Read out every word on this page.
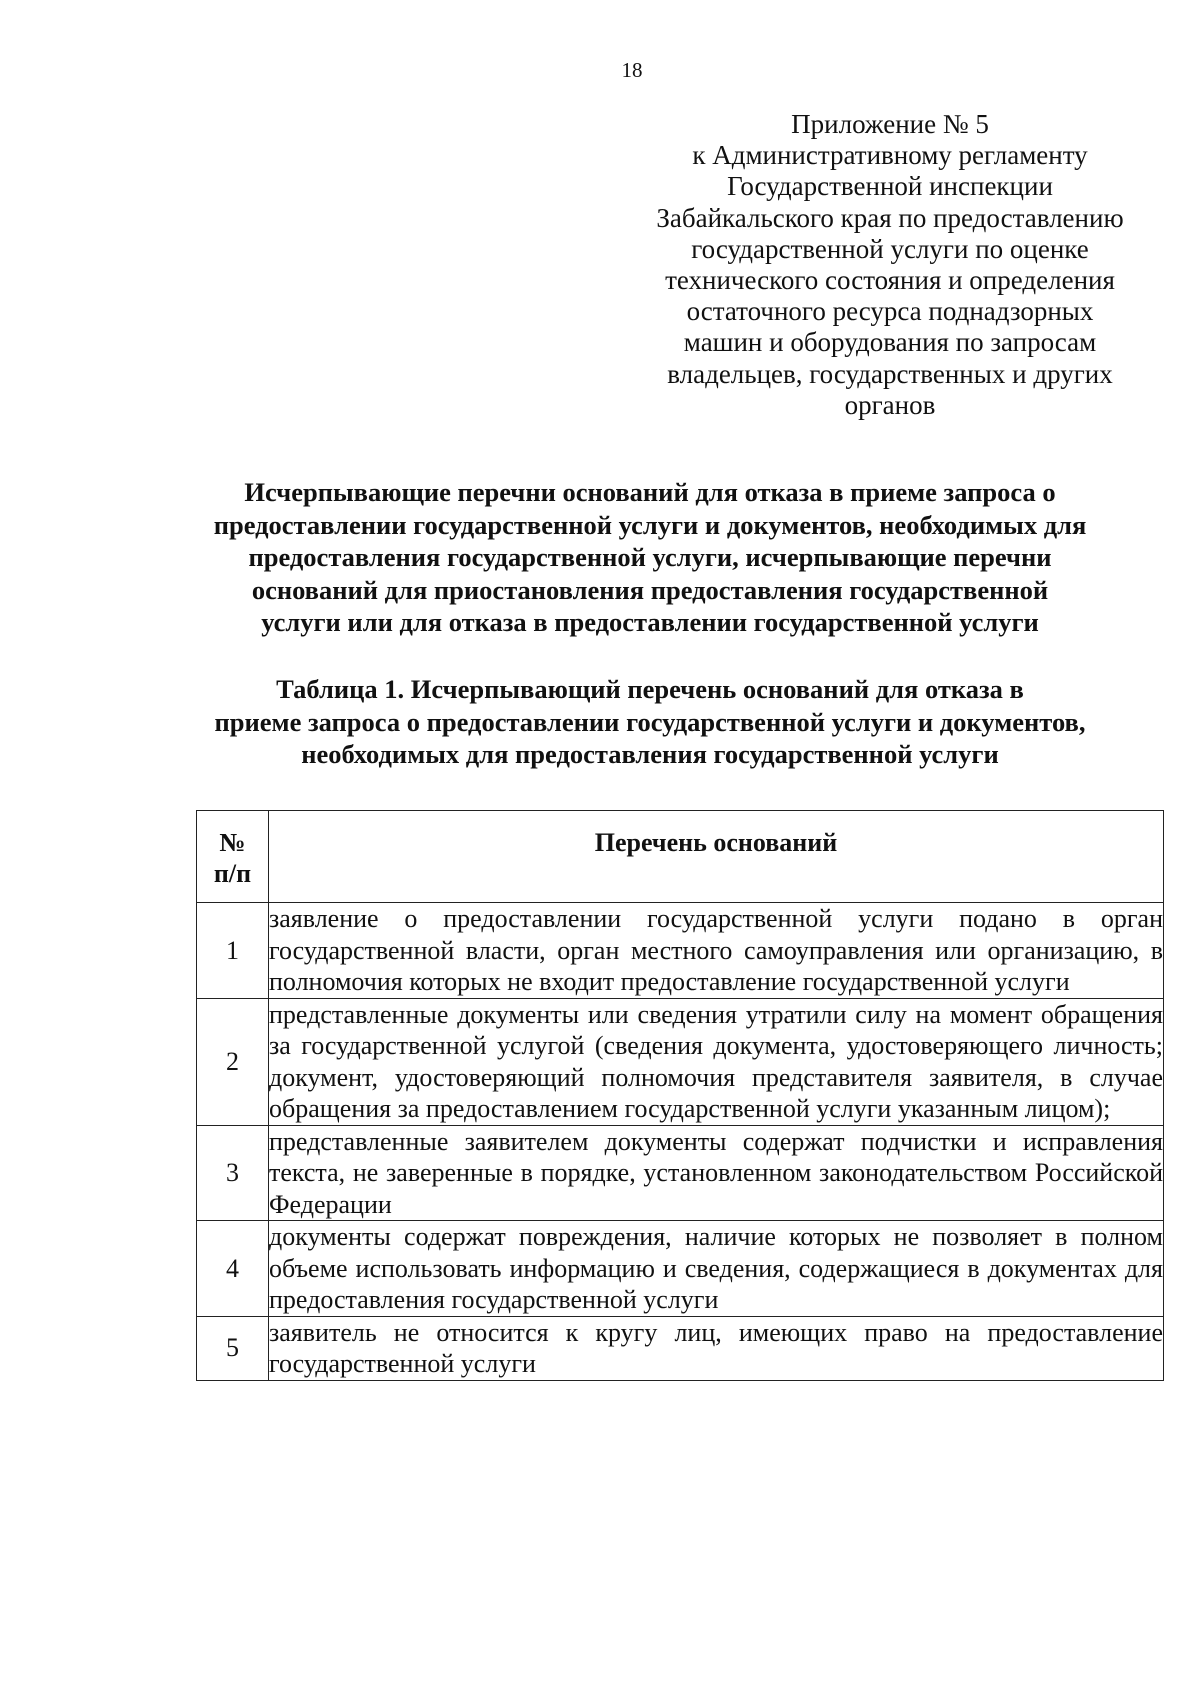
18
Приложение № 5
к Административному регламенту
Государственной инспекции
Забайкальского края по предоставлению
государственной услуги по оценке
технического состояния и определения
остаточного ресурса поднадзорных
машин и оборудования по запросам
владельцев, государственных и других
органов
Исчерпывающие перечни оснований для отказа в приеме запроса о
предоставлении государственной услуги и документов, необходимых для
предоставления государственной услуги, исчерпывающие перечни
оснований для приостановления предоставления государственной
услуги или для отказа в предоставлении государственной услуги
Таблица 1. Исчерпывающий перечень оснований для отказа в
приеме запроса о предоставлении государственной услуги и документов,
необходимых для предоставления государственной услуги
№
п/п	Перечень оснований
1	заявление о предоставлении государственной услуги подано в орган государственной власти, орган местного самоуправления или организацию, в полномочия которых не входит предоставление государственной услуги
2	представленные документы или сведения утратили силу на момент обращения за государственной услугой (сведения документа, удостоверяющего личность; документ, удостоверяющий полномочия представителя заявителя, в случае обращения за предоставлением государственной услуги указанным лицом);
3	представленные заявителем документы содержат подчистки и исправления текста, не заверенные в порядке, установленном законодательством Российской Федерации
4	документы содержат повреждения, наличие которых не позволяет в полном объеме использовать информацию и сведения, содержащиеся в документах для предоставления государственной услуги
5	заявитель не относится к кругу лиц, имеющих право на предоставление государственной услуги
